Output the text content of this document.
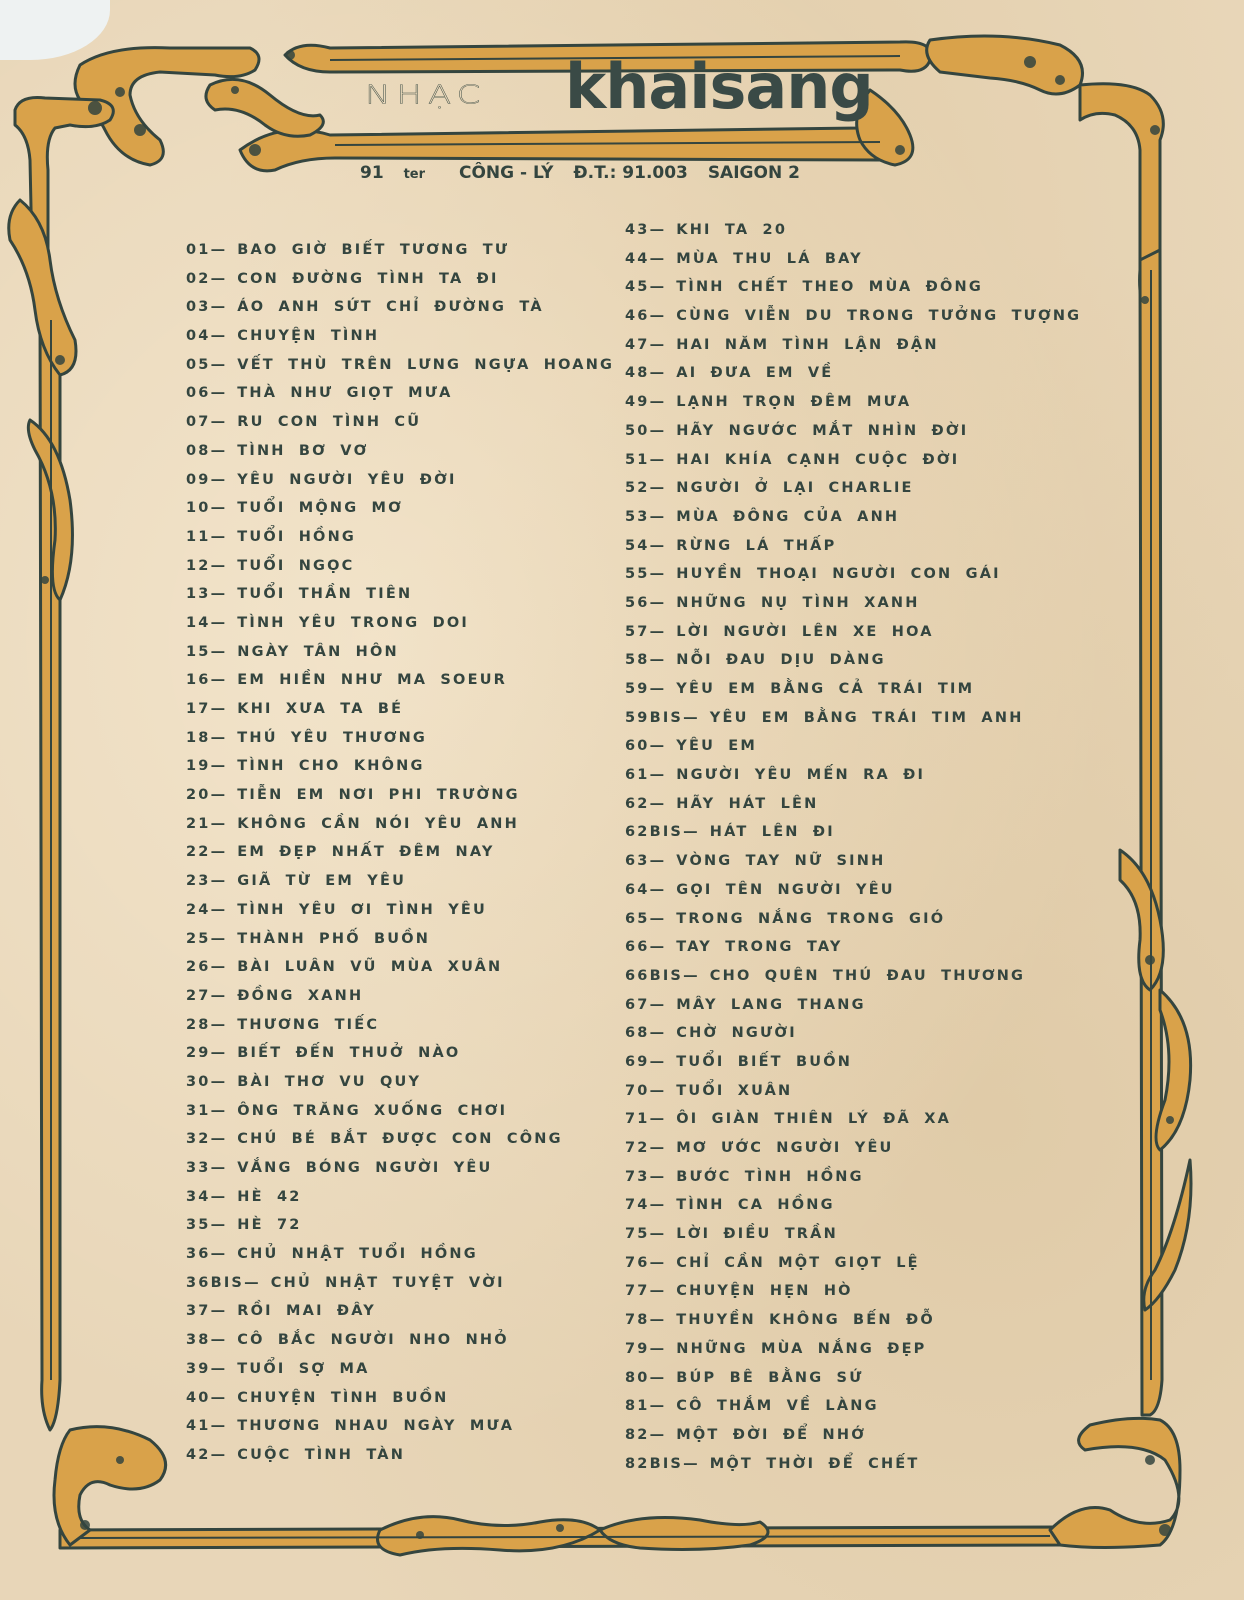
NHẠC khaisang
91 ter CÔNG - LÝ Đ.T.: 91.003 SAIGON 2
01— BAO GIỜ BIẾT TƯƠNG TƯ
02— CON ĐƯỜNG TÌNH TA ĐI
03— ÁO ANH SỨT CHỈ ĐƯỜNG TÀ
04— CHUYỆN TÌNH
05— VẾT THÙ TRÊN LƯNG NGỰA HOANG
06— THÀ NHƯ GIỌT MƯA
07— RU CON TÌNH CŨ
08— TÌNH BƠ VƠ
09— YÊU NGƯỜI YÊU ĐỜI
10— TUỔI MỘNG MƠ
11— TUỔI HỒNG
12— TUỔI NGỌC
13— TUỔI THẦN TIÊN
14— TÌNH YÊU TRONG DOI
15— NGÀY TÂN HÔN
16— EM HIỀN NHƯ MA SOEUR
17— KHI XƯA TA BÉ
18— THÚ YÊU THƯƠNG
19— TÌNH CHO KHÔNG
20— TIỄN EM NƠI PHI TRƯỜNG
21— KHÔNG CẦN NÓI YÊU ANH
22— EM ĐẸP NHẤT ĐÊM NAY
23— GIÃ TỪ EM YÊU
24— TÌNH YÊU ƠI TÌNH YÊU
25— THÀNH PHỐ BUỒN
26— BÀI LUÂN VŨ MÙA XUÂN
27— ĐỒNG XANH
28— THƯƠNG TIẾC
29— BIẾT ĐẾN THUỞ NÀO
30— BÀI THƠ VU QUY
31— ÔNG TRĂNG XUỐNG CHƠI
32— CHÚ BÉ BẮT ĐƯỢC CON CÔNG
33— VẮNG BÓNG NGƯỜI YÊU
34— HÈ 42
35— HÈ 72
36— CHỦ NHẬT TUỔI HỒNG
36BIS— CHỦ NHẬT TUYỆT VỜI
37— RỒI MAI ĐÂY
38— CÔ BẮC NGƯỜI NHO NHỎ
39— TUỔI SỢ MA
40— CHUYỆN TÌNH BUỒN
41— THƯƠNG NHAU NGÀY MƯA
42— CUỘC TÌNH TÀN
43— KHI TA 20
44— MÙA THU LÁ BAY
45— TÌNH CHẾT THEO MÙA ĐÔNG
46— CÙNG VIỄN DU TRONG TƯỞNG TƯỢNG
47— HAI NĂM TÌNH LẬN ĐẬN
48— AI ĐƯA EM VỀ
49— LẠNH TRỌN ĐÊM MƯA
50— HÃY NGƯỚC MẮT NHÌN ĐỜI
51— HAI KHÍA CẠNH CUỘC ĐỜI
52— NGƯỜI Ở LẠI CHARLIE
53— MÙA ĐÔNG CỦA ANH
54— RỪNG LÁ THẤP
55— HUYỀN THOẠI NGƯỜI CON GÁI
56— NHỮNG NỤ TÌNH XANH
57— LỜI NGƯỜI LÊN XE HOA
58— NỖI ĐAU DỊU DÀNG
59— YÊU EM BẰNG CẢ TRÁI TIM
59BIS— YÊU EM BẰNG TRÁI TIM ANH
60— YÊU EM
61— NGƯỜI YÊU MẾN RA ĐI
62— HÃY HÁT LÊN
62BIS— HÁT LÊN ĐI
63— VÒNG TAY NỮ SINH
64— GỌI TÊN NGƯỜI YÊU
65— TRONG NẮNG TRONG GIÓ
66— TAY TRONG TAY
66BIS— CHO QUÊN THÚ ĐAU THƯƠNG
67— MÂY LANG THANG
68— CHỜ NGƯỜI
69— TUỔI BIẾT BUỒN
70— TUỔI XUÂN
71— ÔI GIÀN THIÊN LÝ ĐÃ XA
72— MƠ ƯỚC NGƯỜI YÊU
73— BƯỚC TÌNH HỒNG
74— TÌNH CA HỒNG
75— LỜI ĐIỀU TRẦN
76— CHỈ CẦN MỘT GIỌT LỆ
77— CHUYỆN HẸN HÒ
78— THUYỀN KHÔNG BẾN ĐỖ
79— NHỮNG MÙA NẮNG ĐẸP
80— BÚP BÊ BẰNG SỨ
81— CÔ THẮM VỀ LÀNG
82— MỘT ĐỜI ĐỂ NHỚ
82BIS— MỘT THỜI ĐỂ CHẾT
